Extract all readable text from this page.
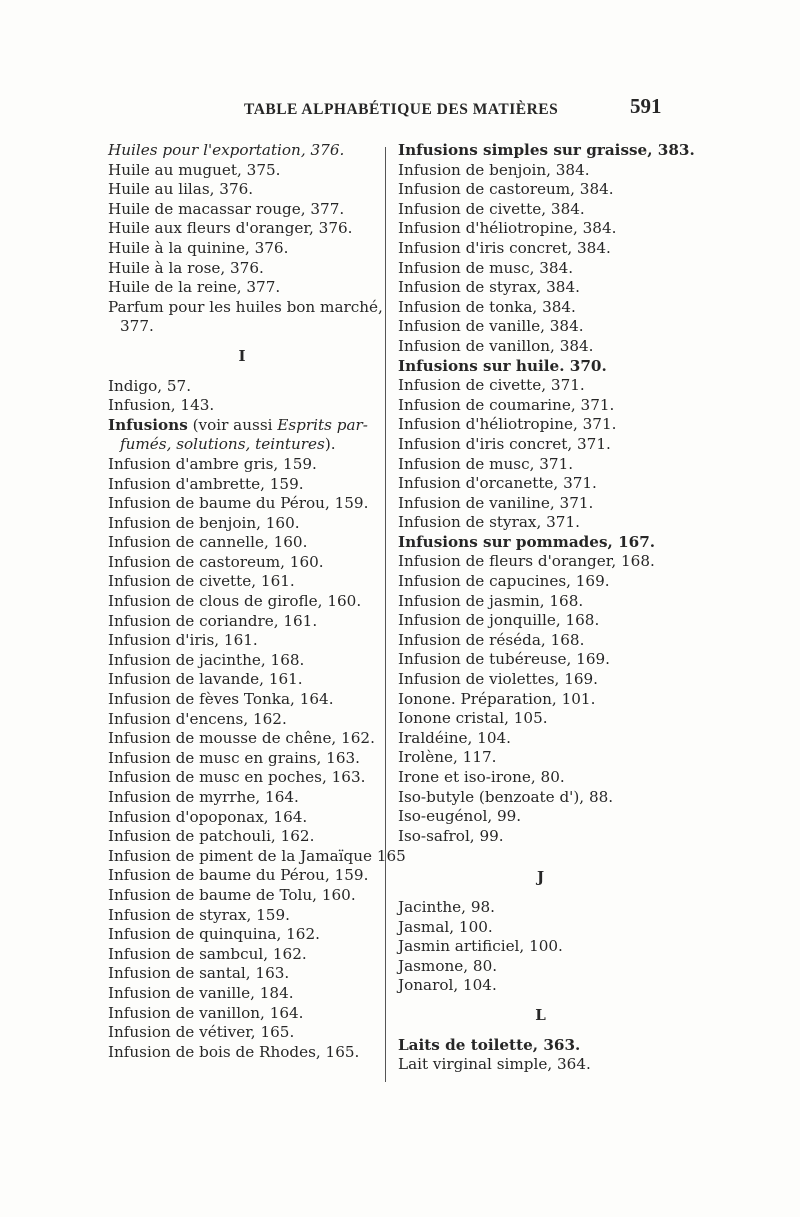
TABLE ALPHABÉTIQUE DES MATIÈRES	591
Huiles pour l'exportation, 376.
Huile au muguet, 375.
Huile au lilas, 376.
Huile de macassar rouge, 377.
Huile aux fleurs d'oranger, 376.
Huile à la quinine, 376.
Huile à la rose, 376.
Huile de la reine, 377.
Parfum pour les huiles bon marché,
377.
I
Indigo, 57.
Infusion, 143.
Infusions (voir aussi Esprits par-
fumés, solutions, teintures).
Infusion d'ambre gris, 159.
Infusion d'ambrette, 159.
Infusion de baume du Pérou, 159.
Infusion de benjoin, 160.
Infusion de cannelle, 160.
Infusion de castoreum, 160.
Infusion de civette, 161.
Infusion de clous de girofle, 160.
Infusion de coriandre, 161.
Infusion d'iris, 161.
Infusion de jacinthe, 168.
Infusion de lavande, 161.
Infusion de fèves Tonka, 164.
Infusion d'encens, 162.
Infusion de mousse de chêne, 162.
Infusion de musc en grains, 163.
Infusion de musc en poches, 163.
Infusion de myrrhe, 164.
Infusion d'opoponax, 164.
Infusion de patchouli, 162.
Infusion de piment de la Jamaïque 165
Infusion de baume du Pérou, 159.
Infusion de baume de Tolu, 160.
Infusion de styrax, 159.
Infusion de quinquina, 162.
Infusion de sambcul, 162.
Infusion de santal, 163.
Infusion de vanille, 184.
Infusion de vanillon, 164.
Infusion de vétiver, 165.
Infusion de bois de Rhodes, 165.
Infusions simples sur graisse, 383.
Infusion de benjoin, 384.
Infusion de castoreum, 384.
Infusion de civette, 384.
Infusion d'héliotropine, 384.
Infusion d'iris concret, 384.
Infusion de musc, 384.
Infusion de styrax, 384.
Infusion de tonka, 384.
Infusion de vanille, 384.
Infusion de vanillon, 384.
Infusions sur huile. 370.
Infusion de civette, 371.
Infusion de coumarine, 371.
Infusion d'héliotropine, 371.
Infusion d'iris concret, 371.
Infusion de musc, 371.
Infusion d'orcanette, 371.
Infusion de vaniline, 371.
Infusion de styrax, 371.
Infusions sur pommades, 167.
Infusion de fleurs d'oranger, 168.
Infusion de capucines, 169.
Infusion de jasmin, 168.
Infusion de jonquille, 168.
Infusion de réséda, 168.
Infusion de tubéreuse, 169.
Infusion de violettes, 169.
Ionone. Préparation, 101.
Ionone cristal, 105.
Iraldéine, 104.
Irolène, 117.
Irone et iso-irone, 80.
Iso-butyle (benzoate d'), 88.
Iso-eugénol, 99.
Iso-safrol, 99.
J
Jacinthe, 98.
Jasmal, 100.
Jasmin artificiel, 100.
Jasmone, 80.
Jonarol, 104.
L
Laits de toilette, 363.
Lait virginal simple, 364.
